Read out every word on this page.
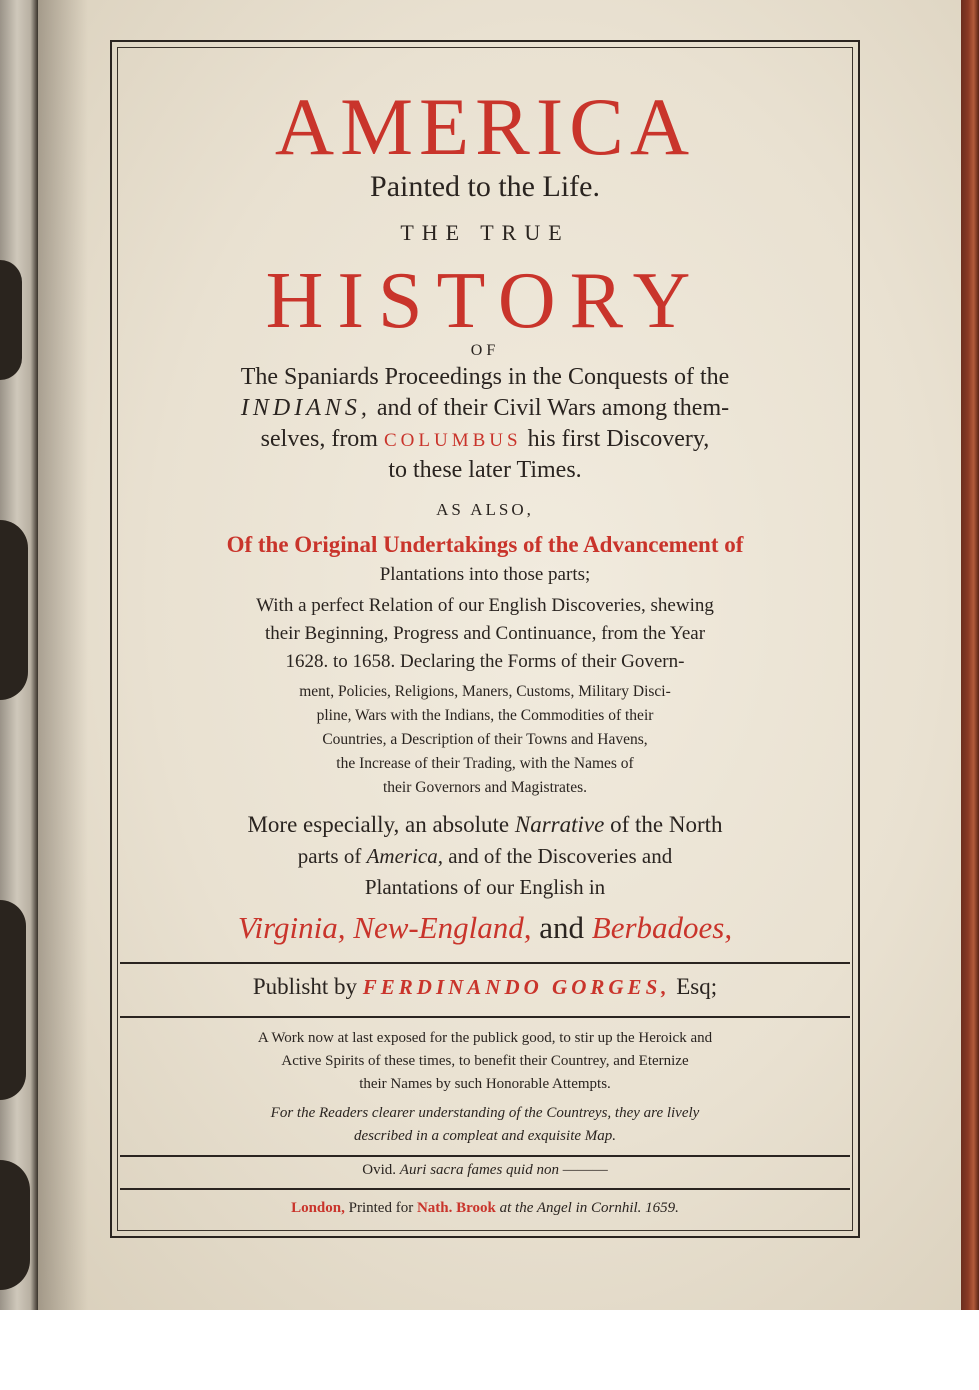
AMERICA
Painted to the Life.
THE TRUE
HISTORY
OF
The Spaniards Proceedings in the Conquests of the
INDIANS, and of their Civil Wars among them-
selves, from COLUMBUS his first Discovery,
to these later Times.
AS ALSO,
Of the Original Undertakings of the Advancement of
Plantations into those parts;
With a perfect Relation of our English Discoveries, shewing
their Beginning, Progress and Continuance, from the Year
1628. to 1658. Declaring the Forms of their Govern-
ment, Policies, Religions, Maners, Customs, Military Disci-
pline, Wars with the Indians, the Commodities of their
Countries, a Description of their Towns and Havens,
the Increase of their Trading, with the Names of
their Governors and Magistrates.
More especially, an absolute Narrative of the North
parts of America, and of the Discoveries and
Plantations of our English in
Virginia, New-England, and Berbadoes,
Publisht by FERDINANDO GORGES, Esq;
A Work now at last exposed for the publick good, to stir up the Heroick and
Active Spirits of these times, to benefit their Countrey, and Eternize
their Names by such Honorable Attempts.
For the Readers clearer understanding of the Countreys, they are lively
described in a compleat and exquisite Map.
Ovid. Auri sacra fames quid non ———
London, Printed for Nath. Brook at the Angel in Cornhil. 1659.
